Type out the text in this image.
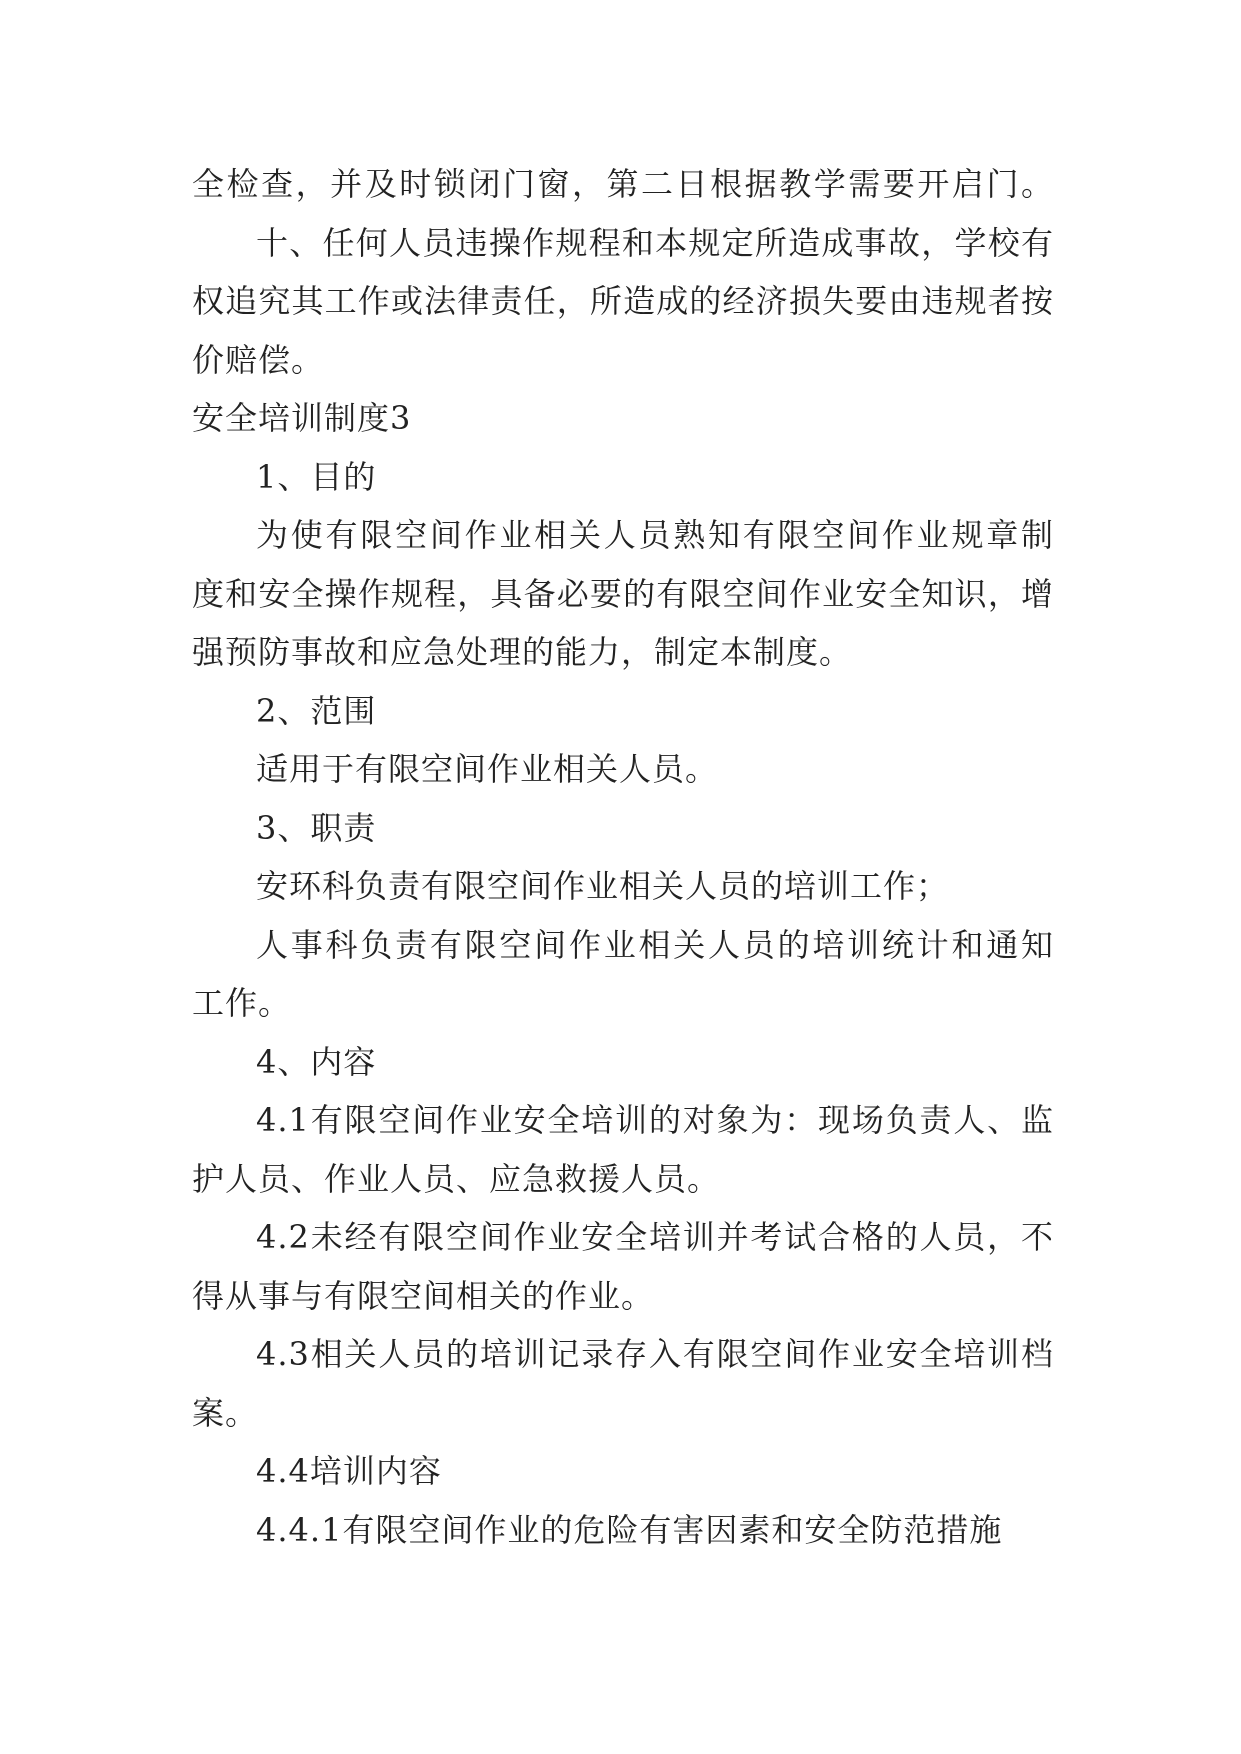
全检查，并及时锁闭门窗，第二日根据教学需要开启门。
十、任何人员违操作规程和本规定所造成事故，学校有
权追究其工作或法律责任，所造成的经济损失要由违规者按
价赔偿。
安全培训制度3
1、目的
为使有限空间作业相关人员熟知有限空间作业规章制
度和安全操作规程，具备必要的有限空间作业安全知识，增
强预防事故和应急处理的能力，制定本制度。
2、范围
适用于有限空间作业相关人员。
3、职责
安环科负责有限空间作业相关人员的培训工作；
人事科负责有限空间作业相关人员的培训统计和通知
工作。
4、内容
4.1有限空间作业安全培训的对象为：现场负责人、监
护人员、作业人员、应急救援人员。
4.2未经有限空间作业安全培训并考试合格的人员，不
得从事与有限空间相关的作业。
4.3相关人员的培训记录存入有限空间作业安全培训档
案。
4.4培训内容
4.4.1有限空间作业的危险有害因素和安全防范措施
